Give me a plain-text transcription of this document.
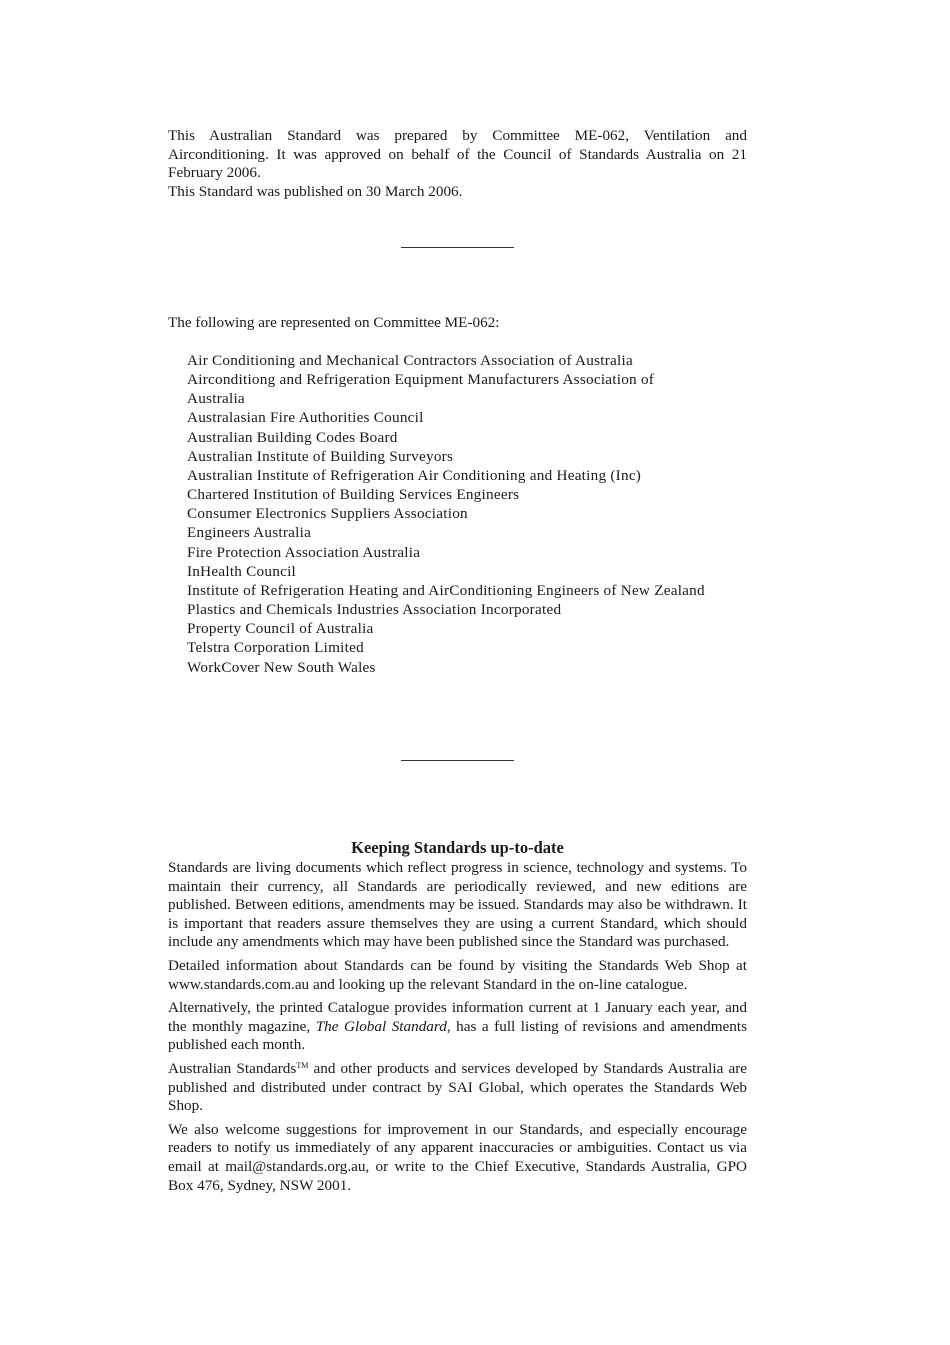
This Australian Standard was prepared by Committee ME-062, Ventilation and Airconditioning. It was approved on behalf of the Council of Standards Australia on 21 February 2006.

This Standard was published on 30 March 2006.

The following are represented on Committee ME-062:

Air Conditioning and Mechanical Contractors Association of Australia
Airconditiong and Refrigeration Equipment Manufacturers Association of Australia
Australasian Fire Authorities Council
Australian Building Codes Board
Australian Institute of Building Surveyors
Australian Institute of Refrigeration Air Conditioning and Heating (Inc)
Chartered Institution of Building Services Engineers
Consumer Electronics Suppliers Association
Engineers Australia
Fire Protection Association Australia
InHealth Council
Institute of Refrigeration Heating and AirConditioning Engineers of New Zealand
Plastics and Chemicals Industries Association Incorporated
Property Council of Australia
Telstra Corporation Limited
WorkCover New South Wales
Keeping Standards up-to-date

Standards are living documents which reflect progress in science, technology and systems. To maintain their currency, all Standards are periodically reviewed, and new editions are published. Between editions, amendments may be issued. Standards may also be withdrawn. It is important that readers assure themselves they are using a current Standard, which should include any amendments which may have been published since the Standard was purchased.

Detailed information about Standards can be found by visiting the Standards Web Shop at www.standards.com.au and looking up the relevant Standard in the on-line catalogue.

Alternatively, the printed Catalogue provides information current at 1 January each year, and the monthly magazine, The Global Standard, has a full listing of revisions and amendments published each month.

Australian Standards™ and other products and services developed by Standards Australia are published and distributed under contract by SAI Global, which operates the Standards Web Shop.

We also welcome suggestions for improvement in our Standards, and especially encourage readers to notify us immediately of any apparent inaccuracies or ambiguities. Contact us via email at mail@standards.org.au, or write to the Chief Executive, Standards Australia, GPO Box 476, Sydney, NSW 2001.
